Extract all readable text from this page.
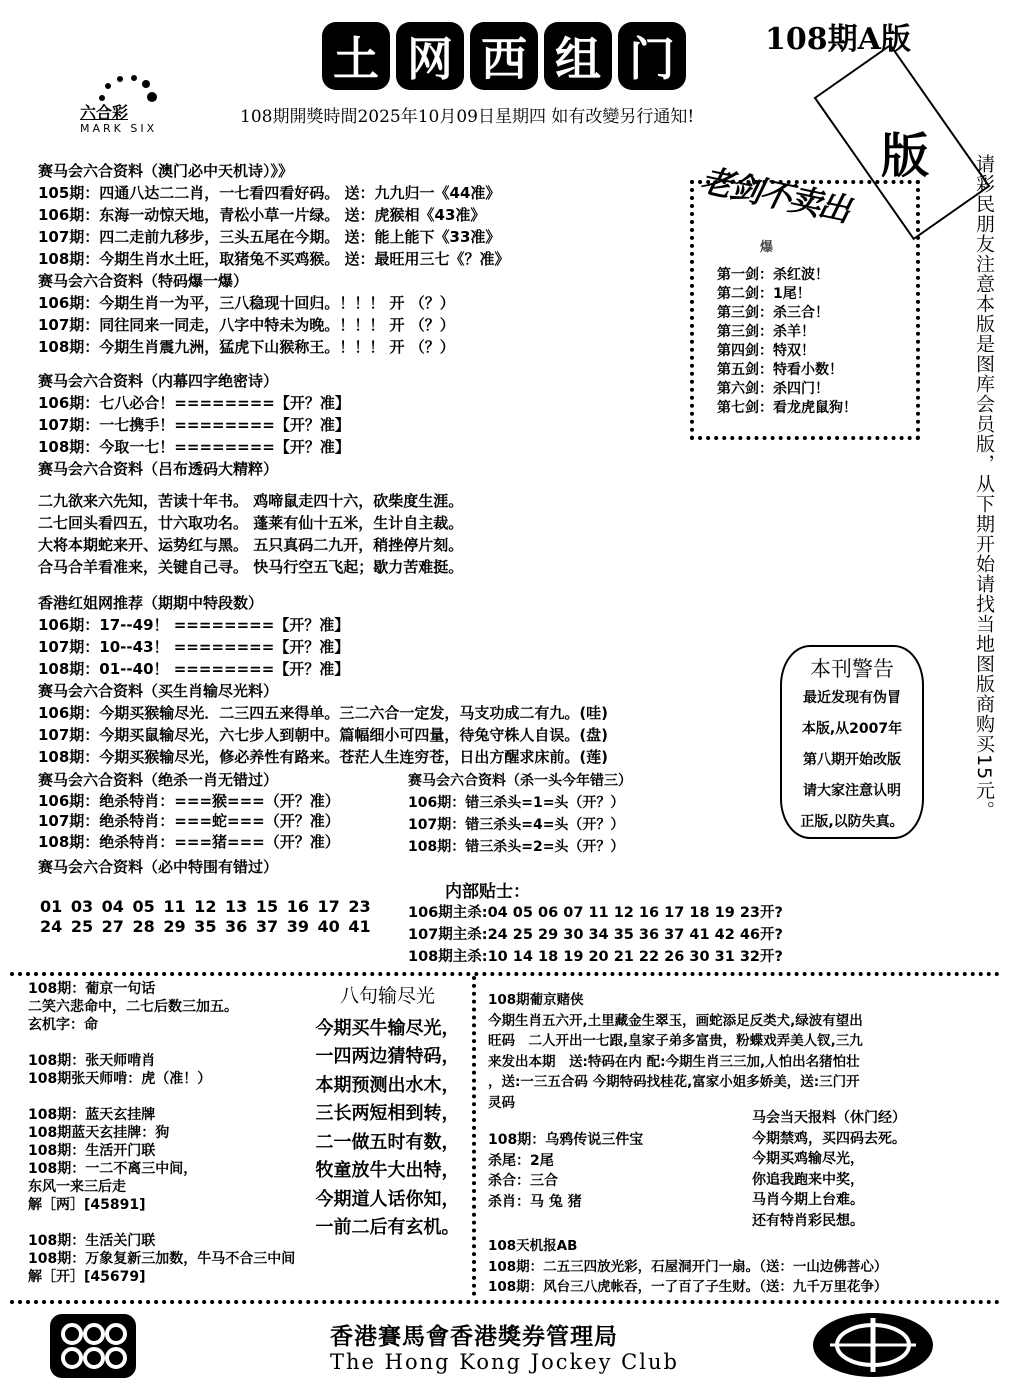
土 网 西 组 门	108期A版
六合彩
MARK SIX
108期開獎時間2025年10月09日星期四 如有改變另行通知!
版
赛马会六合资料（澳门必中天机诗）》》
105期：四通八达二二肖，一七看四看好码。 送：九九归一《44准》
106期：东海一动惊天地，青松小草一片绿。 送：虎猴相《43准》
107期：四二走前九移步，三头五尾在今期。 送：能上能下《33准》
108期：今期生肖水土旺，取猪兔不买鸡猴。 送：最旺用三七《？准》
赛马会六合资料（特码爆一爆）
106期：今期生肖一为平，三八稳现十回归。！！！ 开 （？）
107期：同往同来一同走，八字中特未为晚。！！！ 开 （？）
108期：今期生肖震九洲，猛虎下山猴称王。！！！ 开 （？）
赛马会六合资料（内幕四字绝密诗）
106期：七八必合！========【开？准】
107期：一七携手！========【开？准】
108期：今取一七！========【开？准】
赛马会六合资料（吕布透码大精粹）
二九欲来六先知，苦读十年书。 鸡啼鼠走四十六，砍柴度生涯。
二七回头看四五，廿六取功名。 蓬莱有仙十五米，生计自主裁。
大将本期蛇来开、运势红与黑。 五只真码二九开，稍挫停片刻。
合马合羊看准来，关键自己寻。 快马行空五飞起；歇力苦难挺。
香港红姐网推荐（期期中特段数）
106期：17--49！ ========【开？准】
107期：10--43！ ========【开？准】
108期：01--40！ ========【开？准】
赛马会六合资料（买生肖输尽光料）
106期：今期买猴输尽光．二三四五来得单。三二六合一定发，马支功成二有九。(哇)
107期：今期买鼠输尽光，六七步人到朝中。篇幅细小可四量，待兔守株人自误。(盘)
108期：今期买猴输尽光，修必养性有路来。苍茫人生连穷苍，日出方醒求床前。(莲)
赛马会六合资料（绝杀一肖无错过）
106期：绝杀特肖：===猴===（开？准）
107期：绝杀特肖：===蛇===（开？准）
108期：绝杀特肖：===猪===（开？准）
赛马会六合资料（必中特围有错过）
01 03 04 05 11 12 13 15 16 17 23
24 25 27 28 29 35 36 37 39 40 41
赛马会六合资料（杀一头今年错三）
106期：错三杀头=1=头（开？）
107期：错三杀头=4=头（开？）
108期：错三杀头=2=头（开？）
内部贴士：
106期主杀:04 05 06 07 11 12 16 17 18 19 23开?
107期主杀:24 25 29 30 34 35 36 37 41 42 46开?
108期主杀:10 14 18 19 20 21 22 26 30 31 32开?
老剑不卖出
爆
第一剑：杀红波！
第二剑：1尾！
第三剑：杀三合！
第三剑：杀羊！
第四剑：特双！
第五剑：特看小数！
第六剑：杀四门！
第七剑：看龙虎鼠狗！	请彩民朋友注意本版是图库会员版，从下期开始请找当地图版商购买15元。
本刊警告
最近发现有伪冒
本版,从2007年
第八期开始改版
请大家注意认明
正版,以防失真。
108期：葡京一句话
二笑六悲命中，二七后数三加五。
玄机字：命
108期：张天师啃肖
108期张天师啃：虎（准！）
108期：蓝天玄挂牌
108期蓝天玄挂牌：狗
108期：生活开门联
108期：一二不离三中间，
东风一来三后走
解［两］[45891]
108期：生活关门联
108期：万象复新三加数，牛马不合三中间
解［开］[45679]
八句输尽光
今期买牛输尽光，
一四两边猜特码，
本期预测出水木，
三长两短相到转，
二一做五时有数，
牧童放牛大出特，
今期道人话你知，
一前二后有玄机。
108期葡京赌侠
今期生肖五六开,土里藏金生翠玉，画蛇添足反类犬,绿波有望出
旺码　二人开出一七跟,皇家子弟多富贵，粉蝶戏弄美人钗,三九
来发出本期　送:特码在内 配:今期生肖三三加,人怕出名猪怕壮
，送:一三五合码 今期特码找桂花,富家小姐多娇美，送:三门开
灵码
108期：乌鸦传说三件宝
杀尾：2尾
杀合：三合
杀肖：马 兔 猪
马会当天报料（休门经）
今期禁鸡，买四码去死。
今期买鸡输尽光，
你追我跑来中奖，
马肖今期上台难。
还有特肖彩民想。
108天机报AB
108期：二五三四放光彩，石屋洞开门一扇。（送：一山边佛菩心）
108期：风台三八虎帐吞，一了百了子生财。（送：九千万里花争）
香港賽馬會香港獎券管理局
The Hong Kong Jockey Club
